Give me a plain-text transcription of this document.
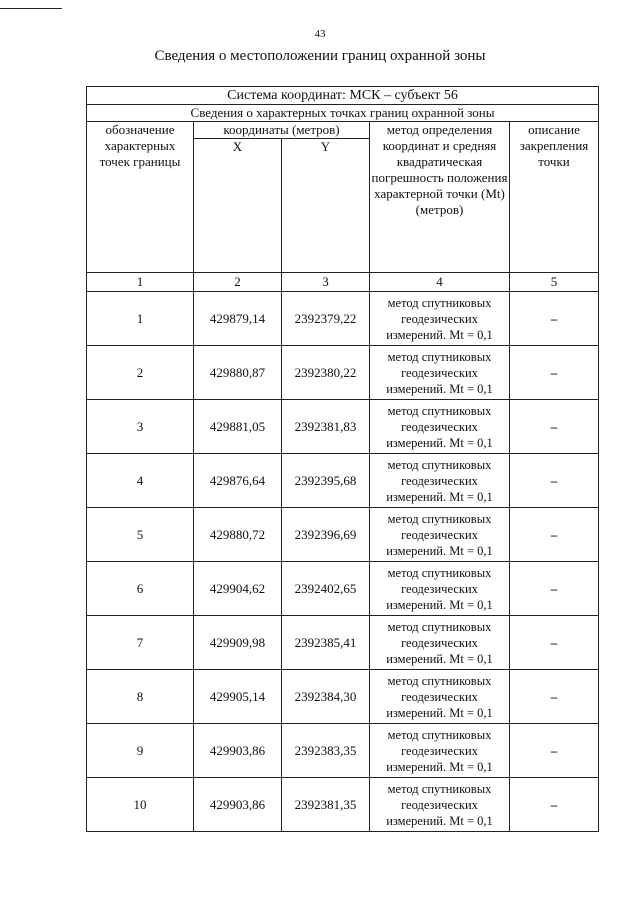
43
Сведения о местоположении границ охранной зоны
Система координат: МСК – субъект 56				
Сведения о характерных точках границ охранной зоны				
обозначение характерных точек границы	координаты (метров)		метод определения координат и средняя квадратическая погрешность положения характерной точки (Mt) (метров)	описание закрепления точки
	X	Y		
1	2	3	4	5
1	429879,14	2392379,22	метод спутниковых геодезических измерений. Mt = 0,1	–
2	429880,87	2392380,22	метод спутниковых геодезических измерений. Mt = 0,1	–
3	429881,05	2392381,83	метод спутниковых геодезических измерений. Mt = 0,1	–
4	429876,64	2392395,68	метод спутниковых геодезических измерений. Mt = 0,1	–
5	429880,72	2392396,69	метод спутниковых геодезических измерений. Mt = 0,1	–
6	429904,62	2392402,65	метод спутниковых геодезических измерений. Mt = 0,1	–
7	429909,98	2392385,41	метод спутниковых геодезических измерений. Mt = 0,1	–
8	429905,14	2392384,30	метод спутниковых геодезических измерений. Mt = 0,1	–
9	429903,86	2392383,35	метод спутниковых геодезических измерений. Mt = 0,1	–
10	429903,86	2392381,35	метод спутниковых геодезических измерений. Mt = 0,1	–
